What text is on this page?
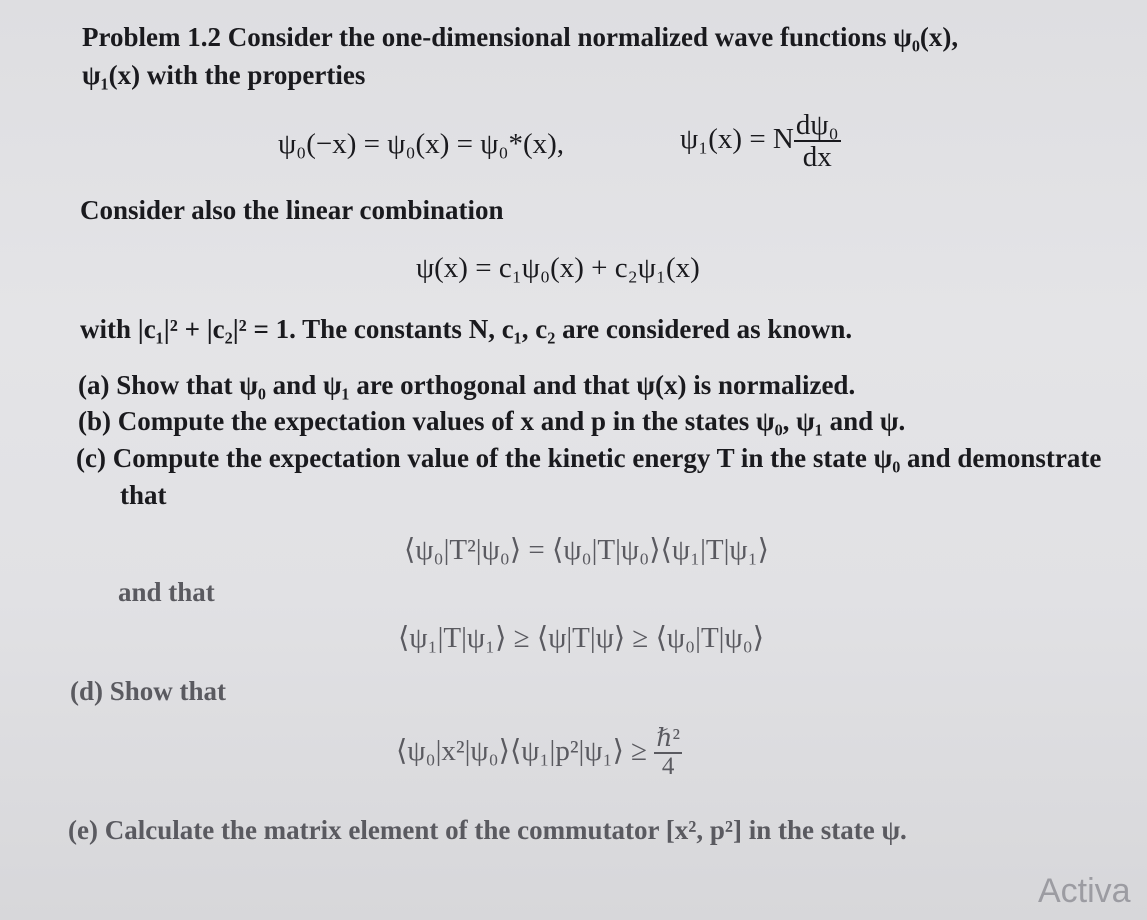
Problem 1.2 Consider the one-dimensional normalized wave functions ψ₀(x),
ψ₁(x) with the properties
ψ₀(−x) = ψ₀(x) = ψ₀*(x),	ψ₁(x) = N $\frac{\text{dψ₀}}{dx}$
Consider also the linear combination
ψ(x) = c₁ψ₀(x) + c₂ψ₁(x)
with |c₁|² + |c₂|² = 1. The constants N, c₁, c₂ are considered as known.
(a) Show that ψ₀ and ψ₁ are orthogonal and that ψ(x) is normalized.
(b) Compute the expectation values of x and p in the states ψ₀, ψ₁ and ψ.
(c) Compute the expectation value of the kinetic energy T in the state ψ₀ and demonstrate
that
⟨ψ₀|T²|ψ₀⟩ = ⟨ψ₀|T|ψ₀⟩⟨ψ₁|T|ψ₁⟩
and that
⟨ψ₁|T|ψ₁⟩ ≥ ⟨ψ|T|ψ⟩ ≥ ⟨ψ₀|T|ψ₀⟩
(d) Show that
⟨ψ₀|x²|ψ₀⟩⟨ψ₁|p²|ψ₁⟩ ≥ $\frac{\text{ℏ²}}{4}$
(e) Calculate the matrix element of the commutator [x², p²] in the state ψ.
Activa
